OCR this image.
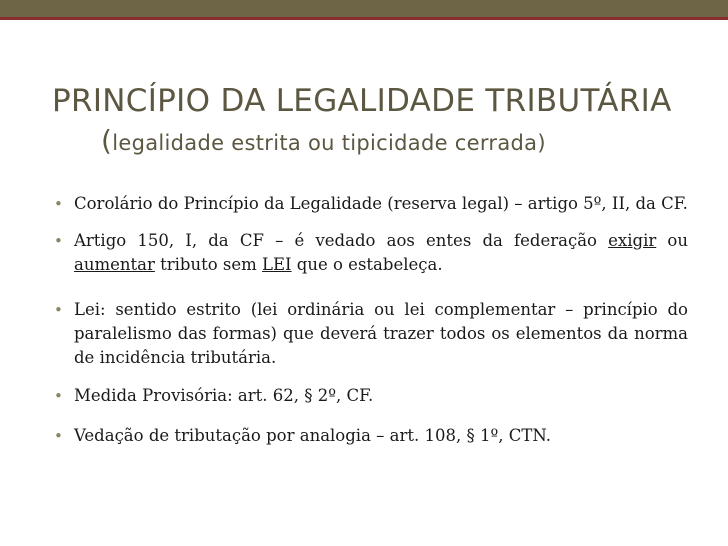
PRINCÍPIO DA LEGALIDADE TRIBUTÁRIA
(legalidade estrita ou tipicidade cerrada)
• Corolário do Princípio da Legalidade (reserva legal) – artigo 5º, II, da CF.
• Artigo 150, I, da CF – é vedado aos entes da federação exigir ou aumentar tributo sem LEI que o estabeleça.
• Lei: sentido estrito (lei ordinária ou lei complementar – princípio do paralelismo das formas) que deverá trazer todos os elementos da norma de incidência tributária.
• Medida Provisória: art. 62, § 2º, CF.
• Vedação de tributação por analogia – art. 108, § 1º, CTN.
